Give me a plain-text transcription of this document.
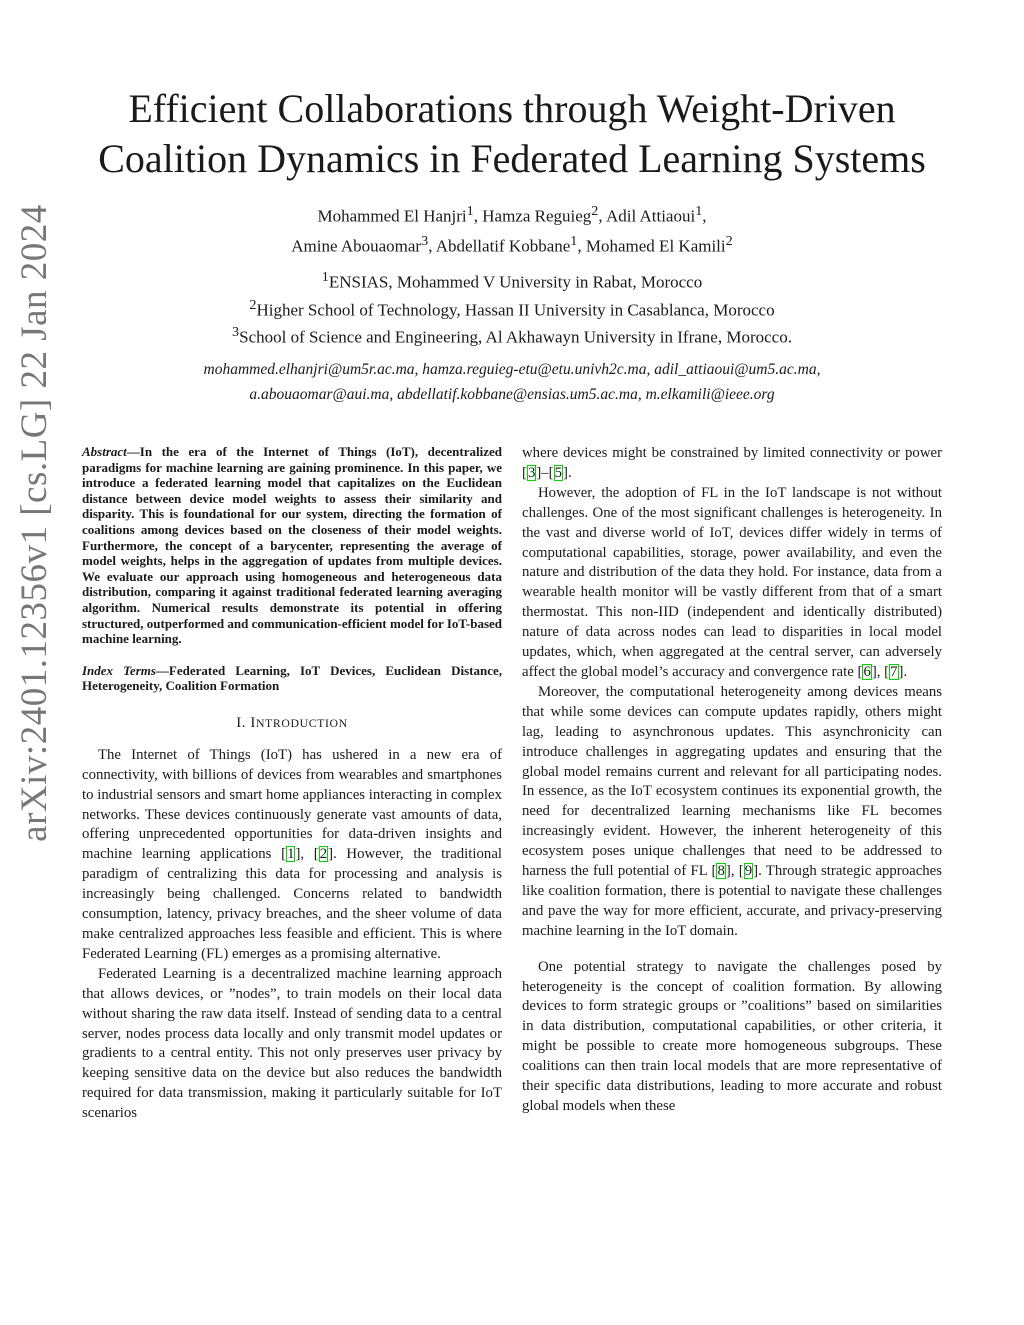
arXiv:2401.12356v1 [cs.LG] 22 Jan 2024
Efficient Collaborations through Weight-Driven
Coalition Dynamics in Federated Learning Systems
Mohammed El Hanjri$^1$, Hamza Reguieg$^2$, Adil Attiaoui$^1$,
Amine Abouaomar$^3$, Abdellatif Kobbane$^1$, Mohamed El Kamili$^2$
$^1$ENSIAS, Mohammed V University in Rabat, Morocco
$^2$Higher School of Technology, Hassan II University in Casablanca, Morocco
$^3$School of Science and Engineering, Al Akhawayn University in Ifrane, Morocco.
mohammed.elhanjri@um5r.ac.ma, hamza.reguieg-etu@etu.univh2c.ma, adil_attiaoui@um5.ac.ma,
a.abouaomar@aui.ma, abdellatif.kobbane@ensias.um5.ac.ma, m.elkamili@ieee.org

Abstract—In the era of the Internet of Things (IoT), decentralized paradigms for machine learning are gaining prominence. In this paper, we introduce a federated learning model that capitalizes on the Euclidean distance between device model weights to assess their similarity and disparity. This is foundational for our system, directing the formation of coalitions among devices based on the closeness of their model weights. Furthermore, the concept of a barycenter, representing the average of model weights, helps in the aggregation of updates from multiple devices. We evaluate our approach using homogeneous and heterogeneous data distribution, comparing it against traditional federated learning averaging algorithm. Numerical results demonstrate its potential in offering structured, outperformed and communication-efficient model for IoT-based machine learning.

Index Terms—Federated Learning, IoT Devices, Euclidean Distance, Heterogeneity, Coalition Formation

I. INTRODUCTION

The Internet of Things (IoT) has ushered in a new era of connectivity, with billions of devices from wearables and smartphones to industrial sensors and smart home appliances interacting in complex networks. These devices continuously generate vast amounts of data, offering unprecedented opportunities for data-driven insights and machine learning applications [1], [2]. However, the traditional paradigm of centralizing this data for processing and analysis is increasingly being challenged. Concerns related to bandwidth consumption, latency, privacy breaches, and the sheer volume of data make centralized approaches less feasible and efficient. This is where Federated Learning (FL) emerges as a promising alternative.

Federated Learning is a decentralized machine learning approach that allows devices, or ”nodes”, to train models on their local data without sharing the raw data itself. Instead of sending data to a central server, nodes process data locally and only transmit model updates or gradients to a central entity. This not only preserves user privacy by keeping sensitive data on the device but also reduces the bandwidth required for data transmission, making it particularly suitable for IoT scenarios

where devices might be constrained by limited connectivity or power [3]–[5].

However, the adoption of FL in the IoT landscape is not without challenges. One of the most significant challenges is heterogeneity. In the vast and diverse world of IoT, devices differ widely in terms of computational capabilities, storage, power availability, and even the nature and distribution of the data they hold. For instance, data from a wearable health monitor will be vastly different from that of a smart thermostat. This non-IID (independent and identically distributed) nature of data across nodes can lead to disparities in local model updates, which, when aggregated at the central server, can adversely affect the global model’s accuracy and convergence rate [6], [7].

Moreover, the computational heterogeneity among devices means that while some devices can compute updates rapidly, others might lag, leading to asynchronous updates. This asynchronicity can introduce challenges in aggregating updates and ensuring that the global model remains current and relevant for all participating nodes. In essence, as the IoT ecosystem continues its exponential growth, the need for decentralized learning mechanisms like FL becomes increasingly evident. However, the inherent heterogeneity of this ecosystem poses unique challenges that need to be addressed to harness the full potential of FL [8], [9]. Through strategic approaches like coalition formation, there is potential to navigate these challenges and pave the way for more efficient, accurate, and privacy-preserving machine learning in the IoT domain.

One potential strategy to navigate the challenges posed by heterogeneity is the concept of coalition formation. By allowing devices to form strategic groups or ”coalitions” based on similarities in data distribution, computational capabilities, or other criteria, it might be possible to create more homogeneous subgroups. These coalitions can then train local models that are more representative of their specific data distributions, leading to more accurate and robust global models when these
